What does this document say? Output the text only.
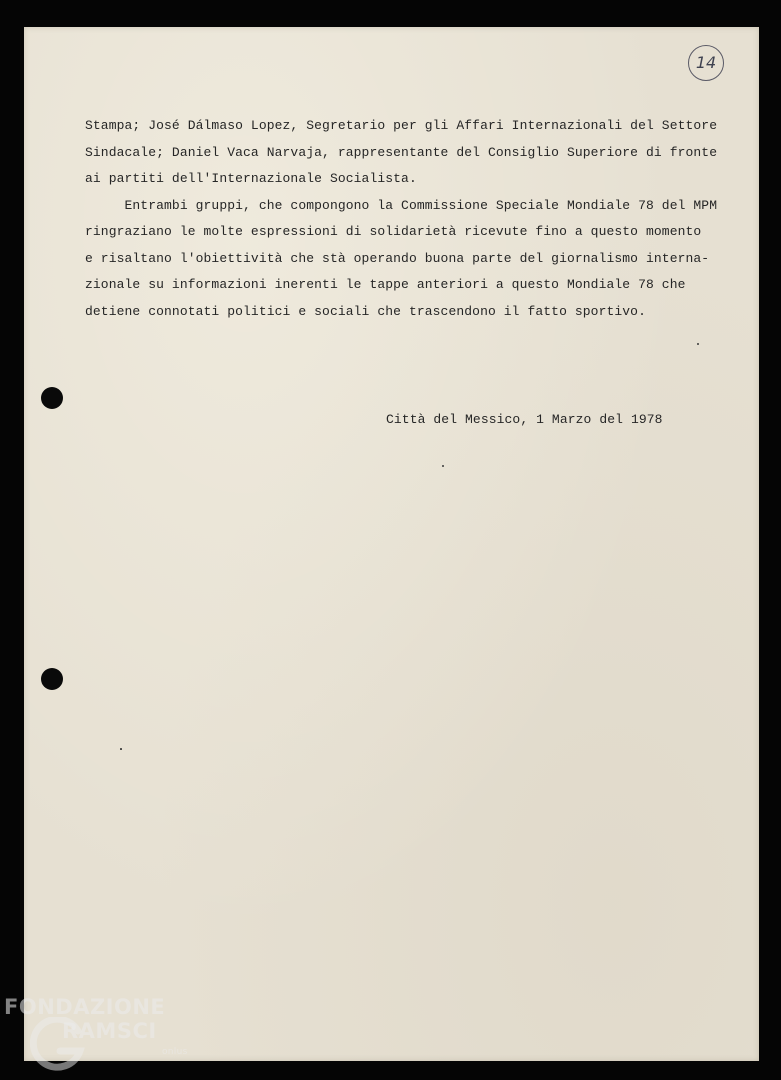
14
Stampa; José Dálmaso Lopez, Segretario per gli Affari Internazionali del Settore
Sindacale; Daniel Vaca Narvaja, rappresentante del Consiglio Superiore di fronte
ai partiti dell'Internazionale Socialista.
Entrambi gruppi, che compongono la Commissione Speciale Mondiale 78 del MPM
ringraziano le molte espressioni di solidarietà ricevute fino a questo momento
e risaltano l'obiettività che stà operando buona parte del giornalismo interna-
zionale su informazioni inerenti le tappe anteriori a questo Mondiale 78 che
detiene connotati politici e sociali che trascendono il fatto sportivo.
Città del Messico, 1 Marzo del 1978
FONDAZIONE
RAMSCI
onlus
